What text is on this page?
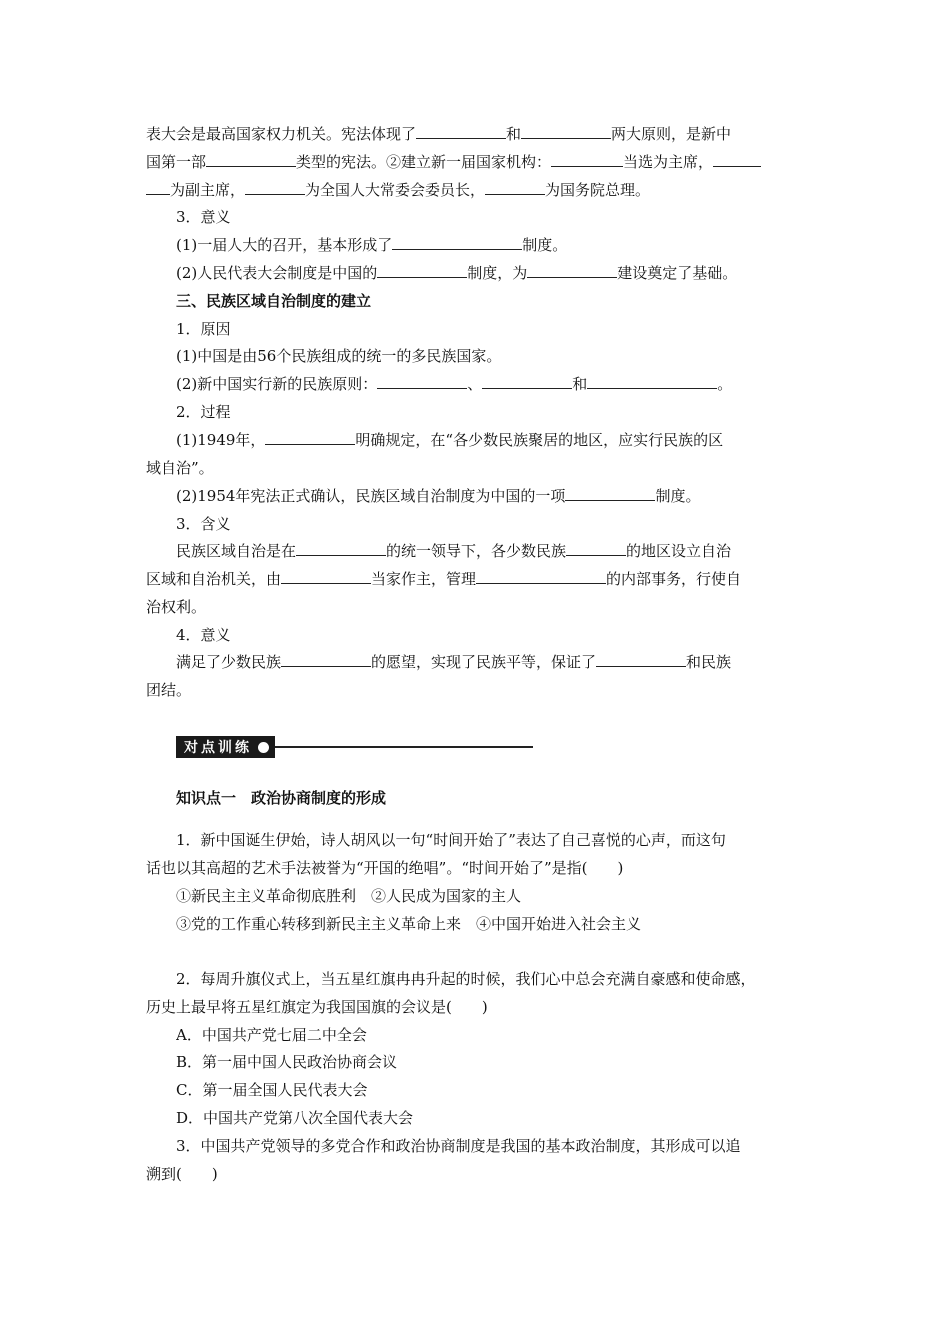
表大会是最高国家权力机关。宪法体现了	和	两大原则，是新中
国第一部	类型的宪法。②建立新一届国家机构：	当选为主席，
为副主席，	为全国人大常委会委员长，	为国务院总理。
3．意义
(1)一届人大的召开，基本形成了	制度。
(2)人民代表大会制度是中国的	制度，为	建设奠定了基础。
三、民族区域自治制度的建立
1．原因
(1)中国是由56个民族组成的统一的多民族国家。
(2)新中国实行新的民族原则：	、	和	。
2．过程
(1)1949年，	明确规定，在“各少数民族聚居的地区，应实行民族的区
域自治”。
(2)1954年宪法正式确认，民族区域自治制度为中国的一项	制度。
3．含义
民族区域自治是在	的统一领导下，各少数民族	的地区设立自治
区域和自治机关，由	当家作主，管理	的内部事务，行使自
治权利。
4．意义
满足了少数民族	的愿望，实现了民族平等，保证了	和民族
团结。
对点训练
知识点一　政治协商制度的形成
1．新中国诞生伊始，诗人胡风以一句“时间开始了”表达了自己喜悦的心声，而这句
话也以其高超的艺术手法被誉为“开国的绝唱”。“时间开始了”是指(　　)
①新民主主义革命彻底胜利　②人民成为国家的主人
③党的工作重心转移到新民主主义革命上来　④中国开始进入社会主义
2．每周升旗仪式上，当五星红旗冉冉升起的时候，我们心中总会充满自豪感和使命感，
历史上最早将五星红旗定为我国国旗的会议是(　　)
A．中国共产党七届二中全会
B．第一届中国人民政治协商会议
C．第一届全国人民代表大会
D．中国共产党第八次全国代表大会
3．中国共产党领导的多党合作和政治协商制度是我国的基本政治制度，其形成可以追
溯到(　　)
